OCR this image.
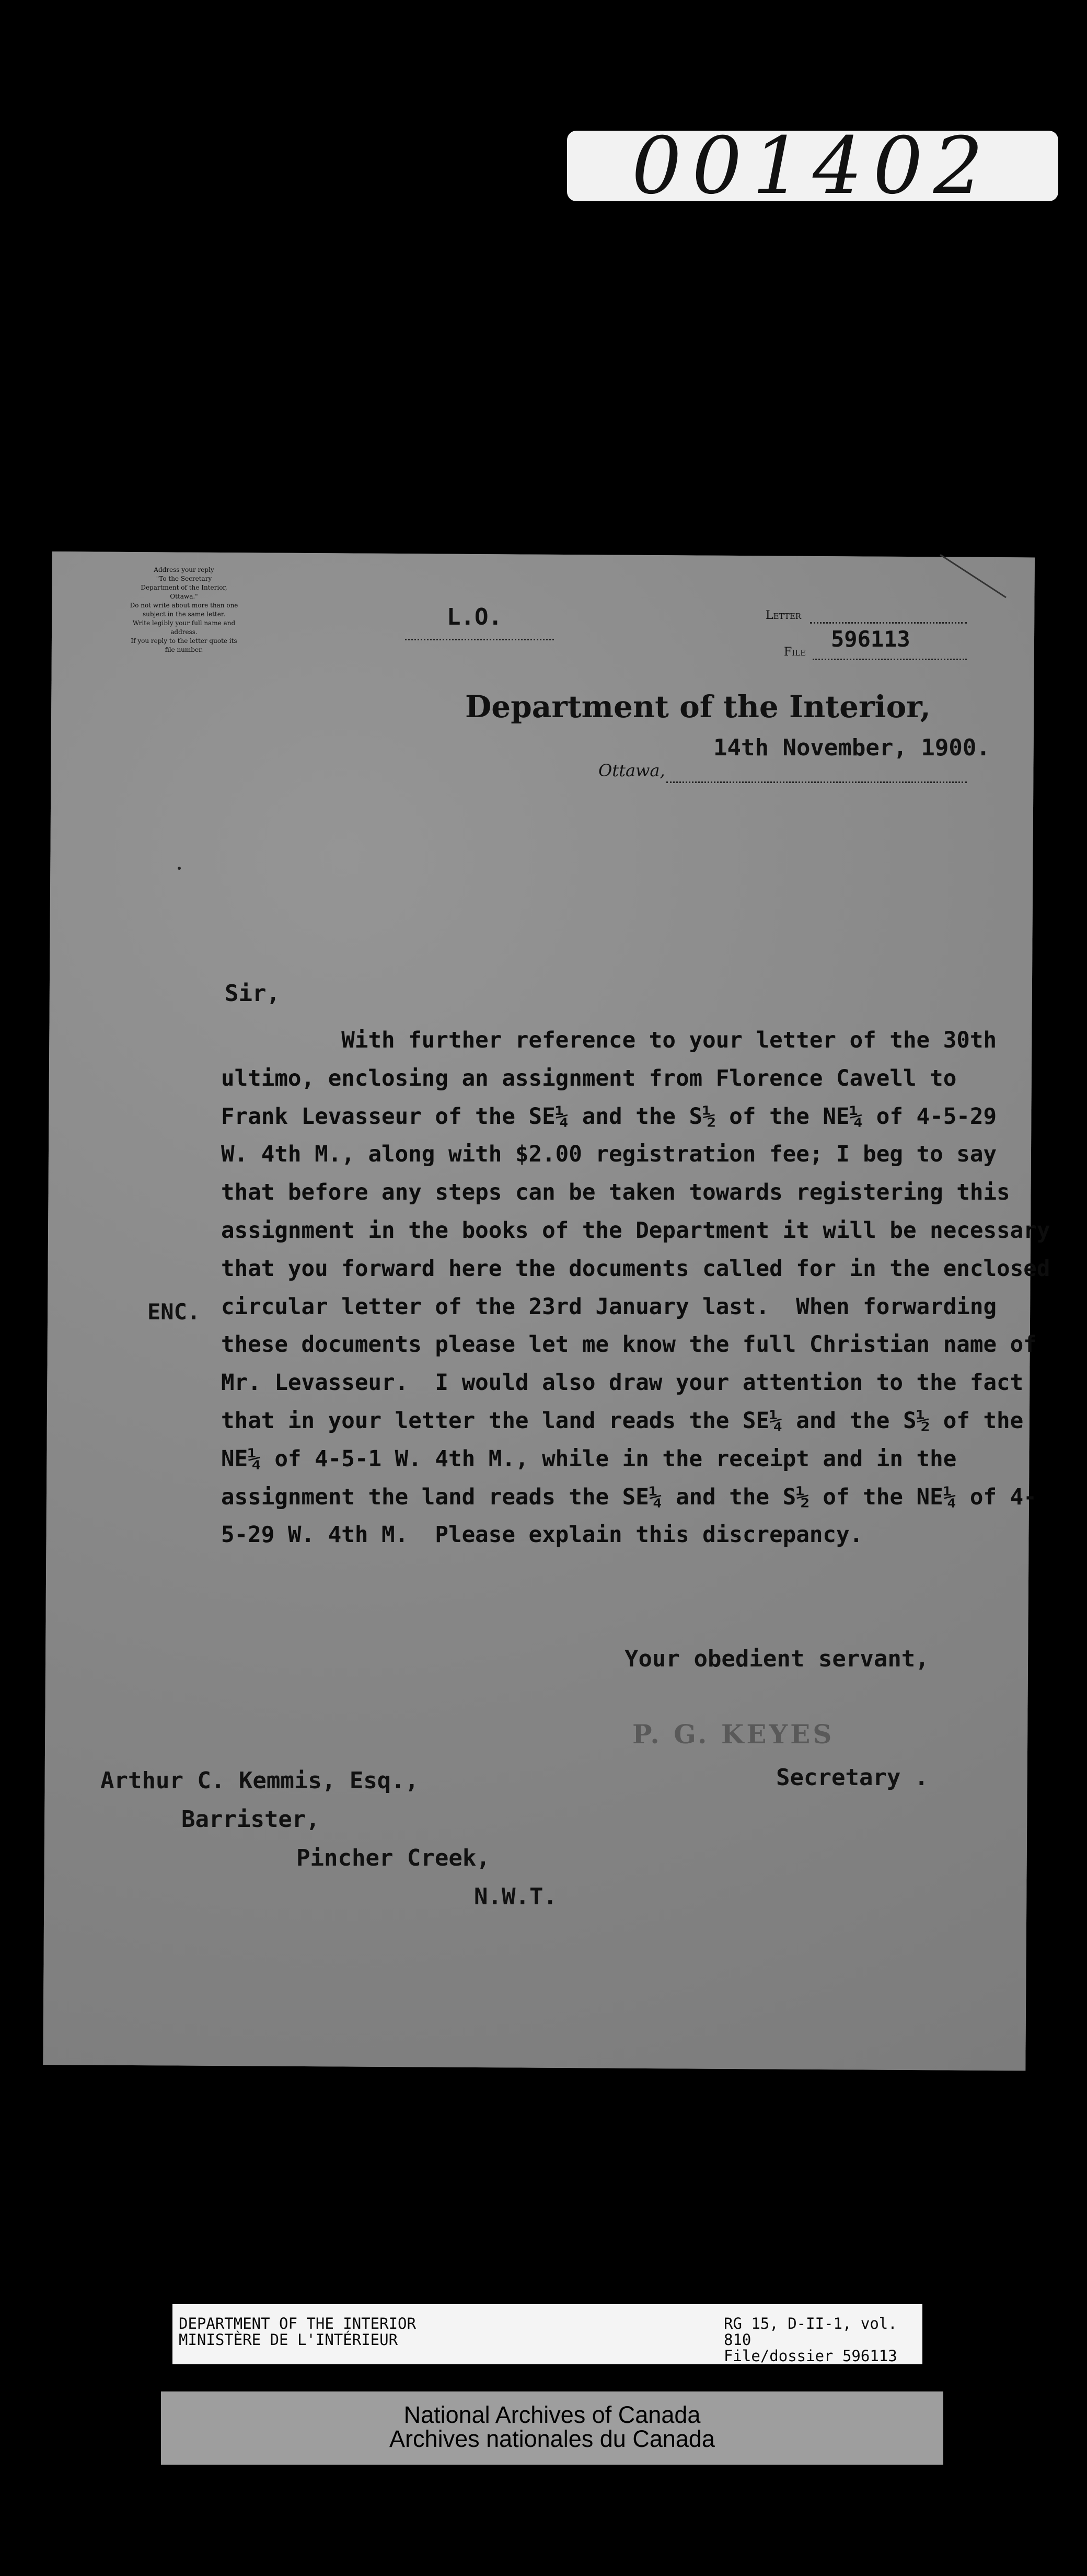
001402
Address your reply
"To the Secretary
Department of the Interior,
Ottawa."
Do not write about more than one
subject in the same letter.
Write legibly your full name and
address.
If you reply to the letter quote its
file number.
L.O.	Letter
596113
File
Department of the Interior,
14th November, 1900.
Ottawa,
Sir,
With further reference to your letter of the 30th
ultimo, enclosing an assignment from Florence Cavell to
Frank Levasseur of the SE¼ and the S½ of the NE¼ of 4-5-29
W. 4th M., along with $2.00 registration fee; I beg to say
that before any steps can be taken towards registering this
assignment in the books of the Department it will be necessary
that you forward here the documents called for in the enclosed
circular letter of the 23rd January last.  When forwarding
these documents please let me know the full Christian name of
Mr. Levasseur.  I would also draw your attention to the fact
that in your letter the land reads the SE¼ and the S½ of the
NE¼ of 4-5-1 W. 4th M., while in the receipt and in the
assignment the land reads the SE¼ and the S½ of the NE¼ of 4-
5-29 W. 4th M.  Please explain this discrepancy.
ENC.
Your obedient servant,
P. G. KEYES
Secretary .
Arthur C. Kemmis, Esq.,
Barrister,
Pincher Creek,
N.W.T.
DEPARTMENT OF THE INTERIOR
MINISTÈRE DE L'INTÉRIEUR
RG 15, D-II-1, vol. 810
File/dossier 596113
National Archives of Canada
Archives nationales du Canada
